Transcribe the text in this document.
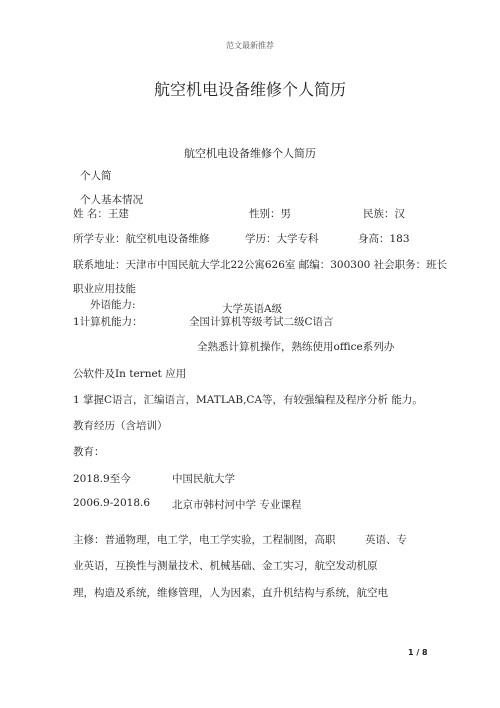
范文最新推荐
航空机电设备维修个人简历
航空机电设备维修个人简历
个人简
个人基本情况
姓 名：王建	性别：男	民族：汉
所学专业：航空机电设备维修	学历：大学专科	身高：183
联系地址：天津市中国民航大学北22公寓626室 邮编：300300 社会职务：班长
职业应用技能
外语能力:	大学英语A级
1计算机能力：	全国计算机等级考试二级C语言
全熟悉计算机操作，熟练使用office系列办
公软件及In ternet 应用
1 掌握C语言，汇编语言，MATLAB,CA等，有较强编程及程序分析 能力。
教育经历（含培训）
教育：
2018.9至今	中国民航大学
2006.9-2018.6 北京市韩村河中学 专业课程
主修：普通物理，电工学，电工学实验，工程制图，高职	英语、专
业英语，互换性与测量技术、机械基础、金工实习，航空发动机原
理，构造及系统，维修管理，人为因素，直升机结构与系统，航空电
1 / 8
